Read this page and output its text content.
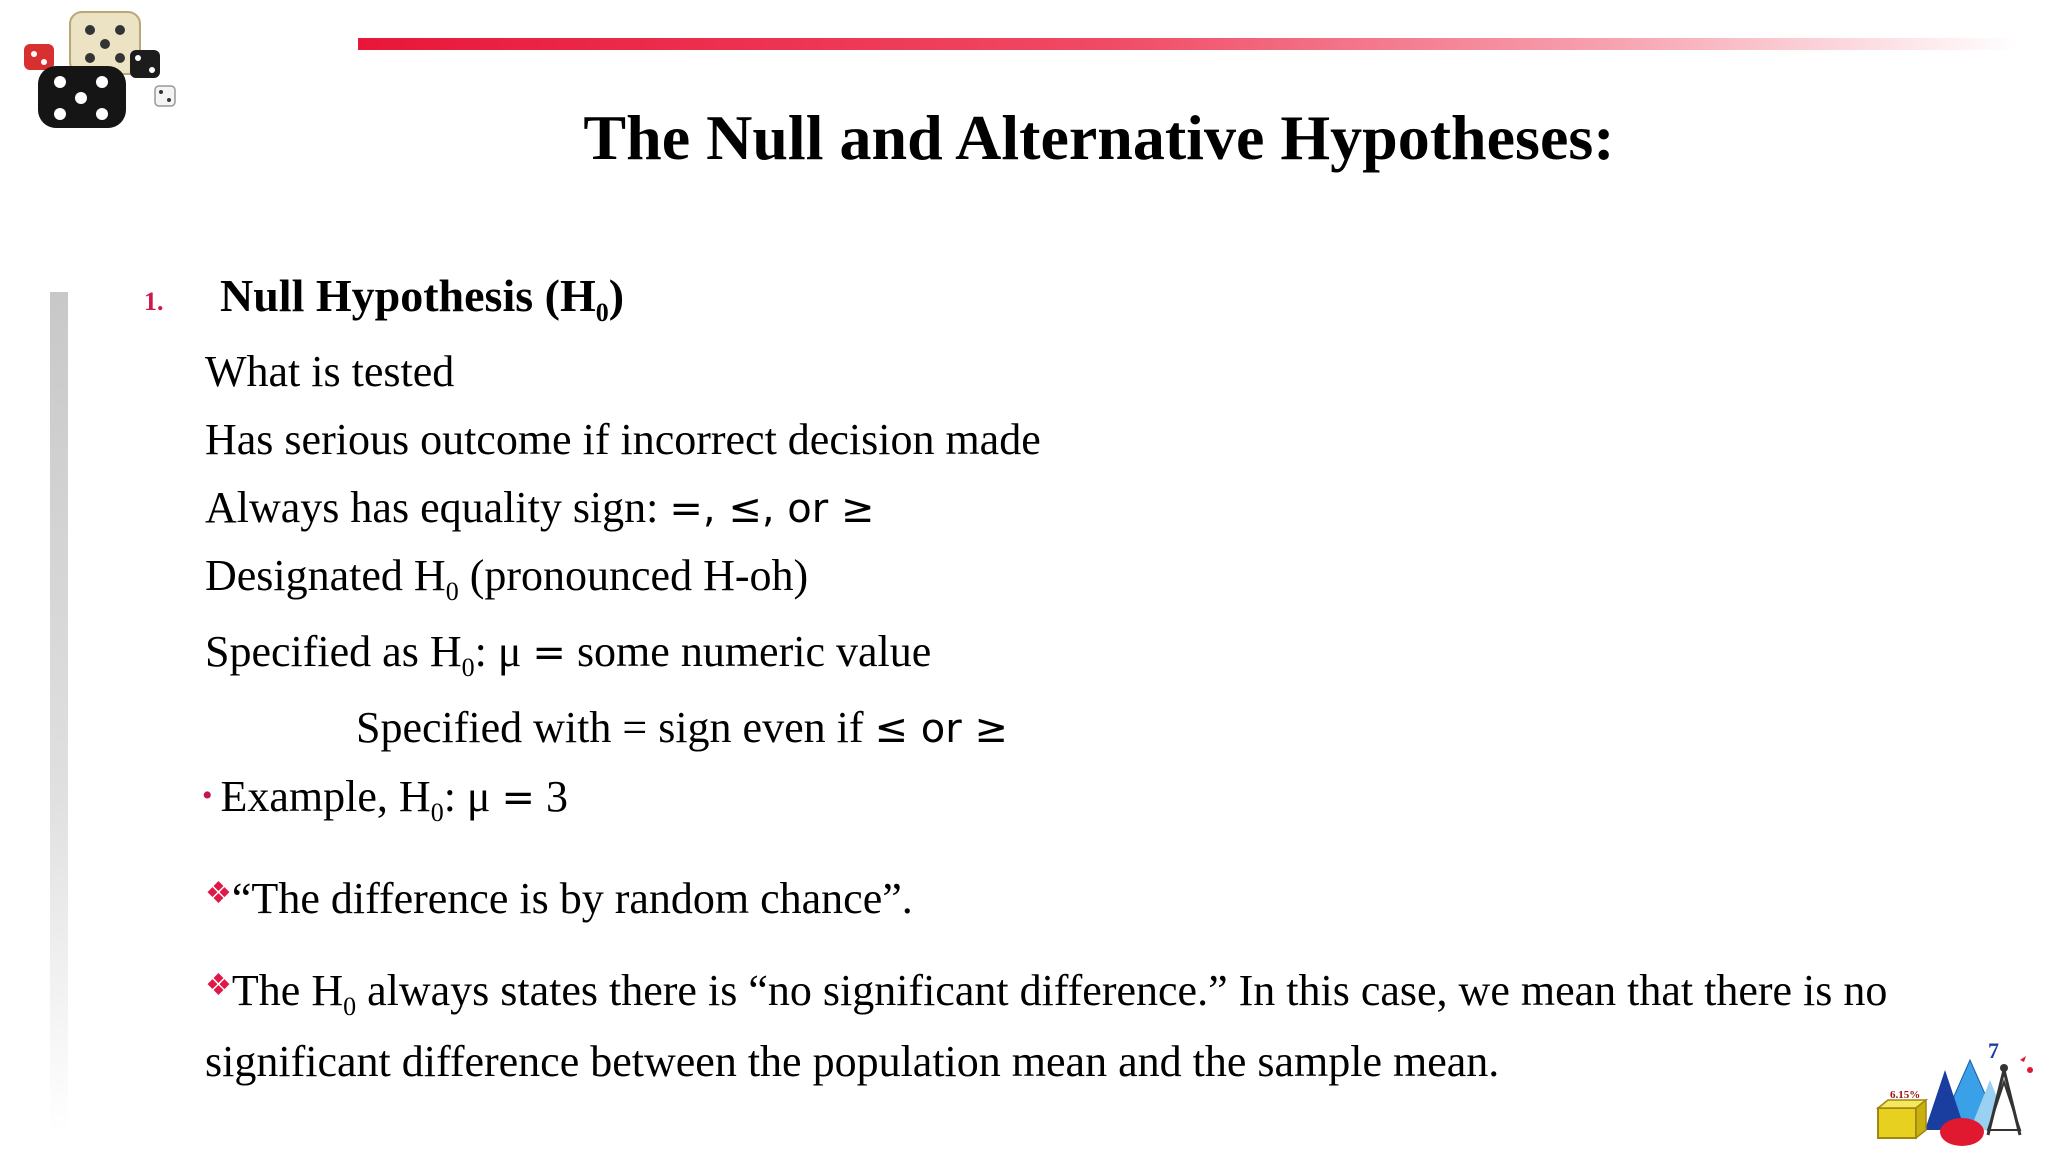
The Null and Alternative Hypotheses:
1. Null Hypothesis $(H_0)$
What is tested
Has serious outcome if incorrect decision made
Always has equality sign: =, ≤, or ≥
Designated $H_0$ (pronounced H-oh)
Specified as $H_0$: μ = some numeric value
Specified with = sign even if ≤ or ≥
• Example, $H_0$: μ = 3
❖“The difference is by random chance”.
❖The $H_0$ always states there is “no significant difference.” In this case, we mean that there is no
significant difference between the population mean and the sample mean.
6.15%
7
